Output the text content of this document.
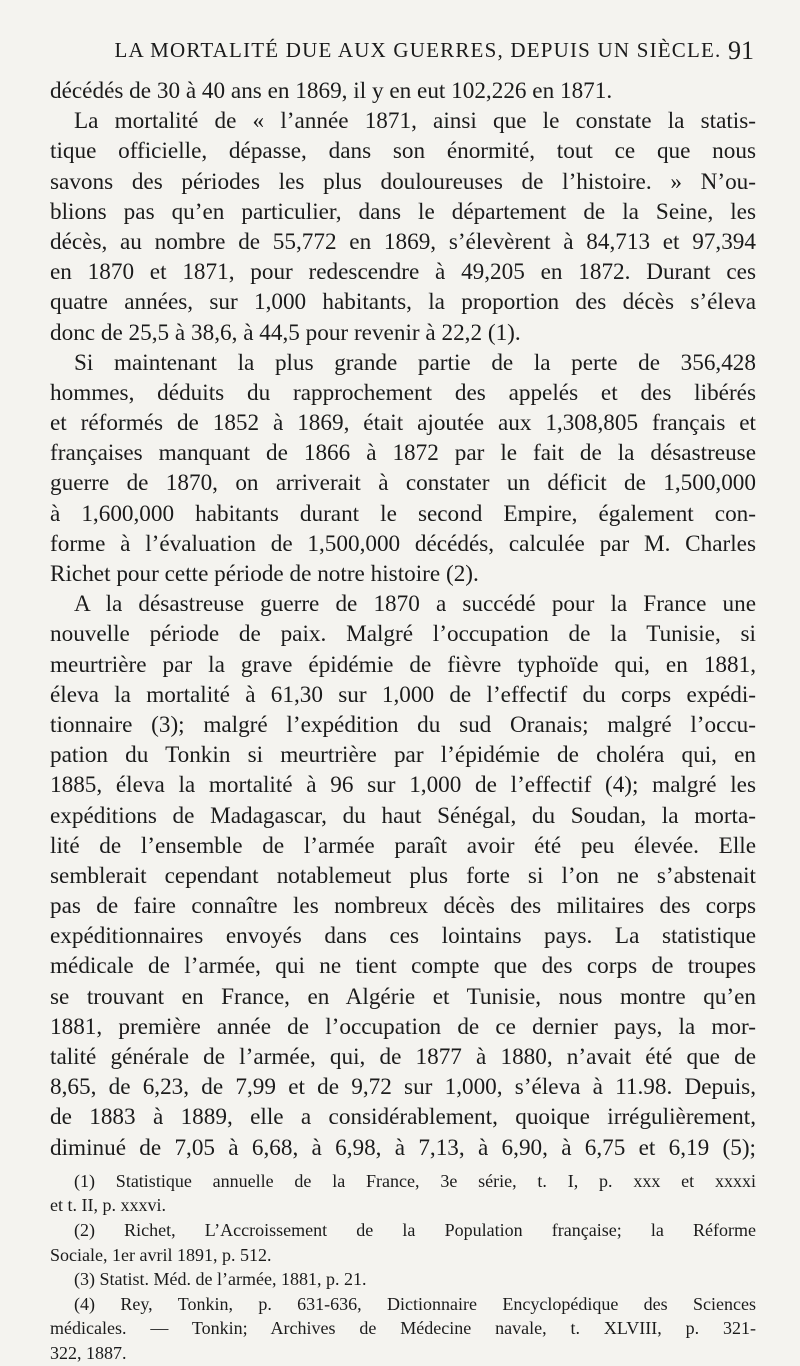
LA MORTALITÉ DUE AUX GUERRES, DEPUIS UN SIÈCLE. 91
décédés de 30 à 40 ans en 1869, il y en eut 102,226 en 1871.
La mortalité de « l’année 1871, ainsi que le constate la statis-
tique officielle, dépasse, dans son énormité, tout ce que nous
savons des périodes les plus douloureuses de l’histoire. » N’ou-
blions pas qu’en particulier, dans le département de la Seine, les
décès, au nombre de 55,772 en 1869, s’élevèrent à 84,713 et 97,394
en 1870 et 1871, pour redescendre à 49,205 en 1872. Durant ces
quatre années, sur 1,000 habitants, la proportion des décès s’éleva
donc de 25,5 à 38,6, à 44,5 pour revenir à 22,2 (1).
Si maintenant la plus grande partie de la perte de 356,428
hommes, déduits du rapprochement des appelés et des libérés
et réformés de 1852 à 1869, était ajoutée aux 1,308,805 français et
françaises manquant de 1866 à 1872 par le fait de la désastreuse
guerre de 1870, on arriverait à constater un déficit de 1,500,000
à 1,600,000 habitants durant le second Empire, également con-
forme à l’évaluation de 1,500,000 décédés, calculée par M. Charles
Richet pour cette période de notre histoire (2).
A la désastreuse guerre de 1870 a succédé pour la France une
nouvelle période de paix. Malgré l’occupation de la Tunisie, si
meurtrière par la grave épidémie de fièvre typhoïde qui, en 1881,
éleva la mortalité à 61,30 sur 1,000 de l’effectif du corps expédi-
tionnaire (3); malgré l’expédition du sud Oranais; malgré l’occu-
pation du Tonkin si meurtrière par l’épidémie de choléra qui, en
1885, éleva la mortalité à 96 sur 1,000 de l’effectif (4); malgré les
expéditions de Madagascar, du haut Sénégal, du Soudan, la morta-
lité de l’ensemble de l’armée paraît avoir été peu élevée. Elle
semblerait cependant notablemeut plus forte si l’on ne s’abstenait
pas de faire connaître les nombreux décès des militaires des corps
expéditionnaires envoyés dans ces lointains pays. La statistique
médicale de l’armée, qui ne tient compte que des corps de troupes
se trouvant en France, en Algérie et Tunisie, nous montre qu’en
1881, première année de l’occupation de ce dernier pays, la mor-
talité générale de l’armée, qui, de 1877 à 1880, n’avait été que de
8,65, de 6,23, de 7,99 et de 9,72 sur 1,000, s’éleva à 11.98. Depuis,
de 1883 à 1889, elle a considérablement, quoique irrégulièrement,
diminué de 7,05 à 6,68, à 6,98, à 7,13, à 6,90, à 6,75 et 6,19 (5);
(1) Statistique annuelle de la France, 3e série, t. I, p. xxx et xxxxi
et t. II, p. xxxvi.
(2) Richet, L’Accroissement de la Population française; la Réforme
Sociale, 1er avril 1891, p. 512.
(3) Statist. Méd. de l’armée, 1881, p. 21.
(4) Rey, Tonkin, p. 631-636, Dictionnaire Encyclopédique des Sciences
médicales. — Tonkin; Archives de Médecine navale, t. XLVIII, p. 321-
322, 1887.
